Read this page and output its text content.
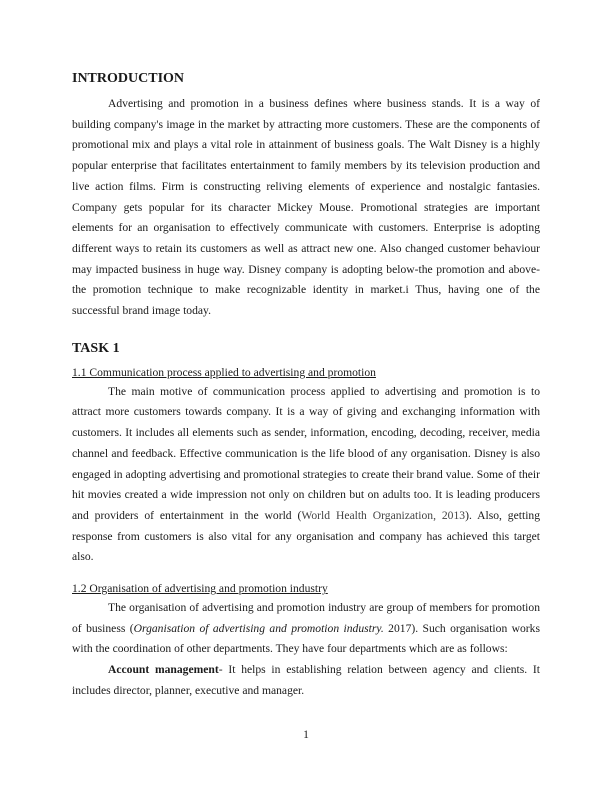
INTRODUCTION

Advertising and promotion in a business defines where business stands. It is a way of building company's image in the market by attracting more customers. These are the components of promotional mix and plays a vital role in attainment of business goals. The Walt Disney is a highly popular enterprise that facilitates entertainment to family members by its television production and live action films. Firm is constructing reliving elements of experience and nostalgic fantasies. Company gets popular for its character Mickey Mouse. Promotional strategies are important elements for an organisation to effectively communicate with customers. Enterprise is adopting different ways to retain its customers as well as attract new one. Also changed customer behaviour may impacted business in huge way. Disney company is adopting below-the promotion and above-the promotion technique to make recognizable identity in market.i Thus, having one of the successful brand image today.

TASK 1

1.1 Communication process applied to advertising and promotion

The main motive of communication process applied to advertising and promotion is to attract more customers towards company. It is a way of giving and exchanging information with customers. It includes all elements such as sender, information, encoding, decoding, receiver, media channel and feedback. Effective communication is the life blood of any organisation. Disney is also engaged in adopting advertising and promotional strategies to create their brand value. Some of their hit movies created a wide impression not only on children but on adults too. It is leading producers and providers of entertainment in the world (World Health Organization, 2013). Also, getting response from customers is also vital for any organisation and company has achieved this target also.

1.2 Organisation of advertising and promotion industry

The organisation of advertising and promotion industry are group of members for promotion of business (Organisation of advertising and promotion industry. 2017). Such organisation works with the coordination of other departments. They have four departments which are as follows:

Account management- It helps in establishing relation between agency and clients. It includes director, planner, executive and manager.

1
